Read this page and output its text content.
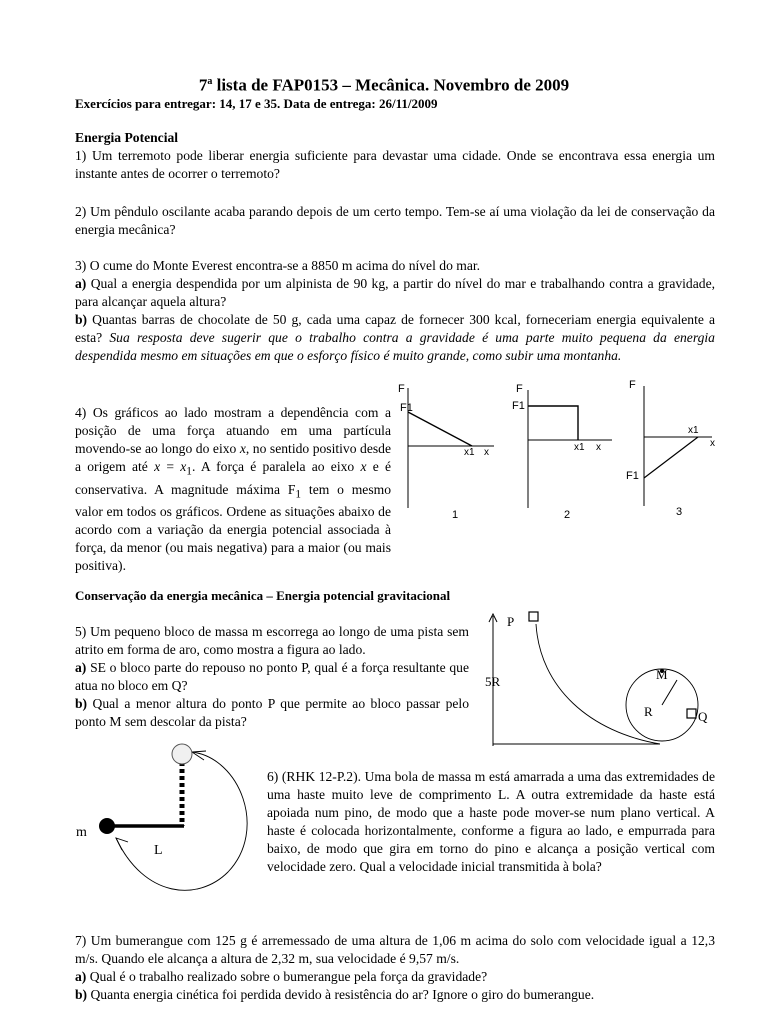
7$^a$ lista de FAP0153 – Mecânica. Novembro de 2009
Exercícios para entregar: 14, 17 e 35. Data de entrega: 26/11/2009
Energia Potencial
1) Um terremoto pode liberar energia suficiente para devastar uma cidade. Onde se encontrava essa energia um instante antes de ocorrer o terremoto?
2) Um pêndulo oscilante acaba parando depois de um certo tempo. Tem-se aí uma violação da lei de conservação da energia mecânica?

3) O cume do Monte Everest encontra-se a 8850 m acima do nível do mar.

a) Qual a energia despendida por um alpinista de 90 kg, a partir do nível do mar e trabalhando contra a gravidade, para alcançar aquela altura?

b) Quantas barras de chocolate de 50 g, cada uma capaz de fornecer 300 kcal, forneceriam energia equivalente a esta? Sua resposta deve sugerir que o trabalho contra a gravidade é uma parte muito pequena da energia despendida mesmo em situações em que o esforço físico é muito grande, como subir uma montanha.

4) Os gráficos ao lado mostram a dependência com a posição de uma força atuando em uma partícula movendo-se ao longo do eixo x, no sentido positivo desde a origem até $x = x_1$. A força é paralela ao eixo x e é conservativa. A magnitude máxima $F_1$ tem o mesmo valor em todos os gráficos. Ordene as situações abaixo de acordo com a variação da energia potencial associada à força, da menor (ou mais negativa) para a maior (ou mais positiva).
F
F1
x1 x
1
F
F1
x1 x
2
F
x1
x
F1
3
Conservação da energia mecânica – Energia potencial gravitacional

5) Um pequeno bloco de massa m escorrega ao longo de uma pista sem atrito em forma de aro, como mostra a figura ao lado.

a) SE o bloco parte do repouso no ponto P, qual é a força resultante que atua no bloco em Q?

b) Qual a menor altura do ponto P que permite ao bloco passar pelo ponto M sem descolar da pista?

P
5R	M
R	Q
m
L
6) (RHK 12-P.2). Uma bola de massa m está amarrada a uma das extremidades de uma haste muito leve de comprimento L. A outra extremidade da haste está apoiada num pino, de modo que a haste pode mover-se num plano vertical. A haste é colocada horizontalmente, conforme a figura ao lado, e empurrada para baixo, de modo que gira em torno do pino e alcança a posição vertical com velocidade zero. Qual a velocidade inicial transmitida à bola?

7) Um bumerangue com 125 g é arremessado de uma altura de 1,06 m acima do solo com velocidade igual a 12,3 m/s. Quando ele alcança a altura de 2,32 m, sua velocidade é 9,57 m/s.

a) Qual é o trabalho realizado sobre o bumerangue pela força da gravidade?

b) Quanta energia cinética foi perdida devido à resistência do ar? Ignore o giro do bumerangue.
